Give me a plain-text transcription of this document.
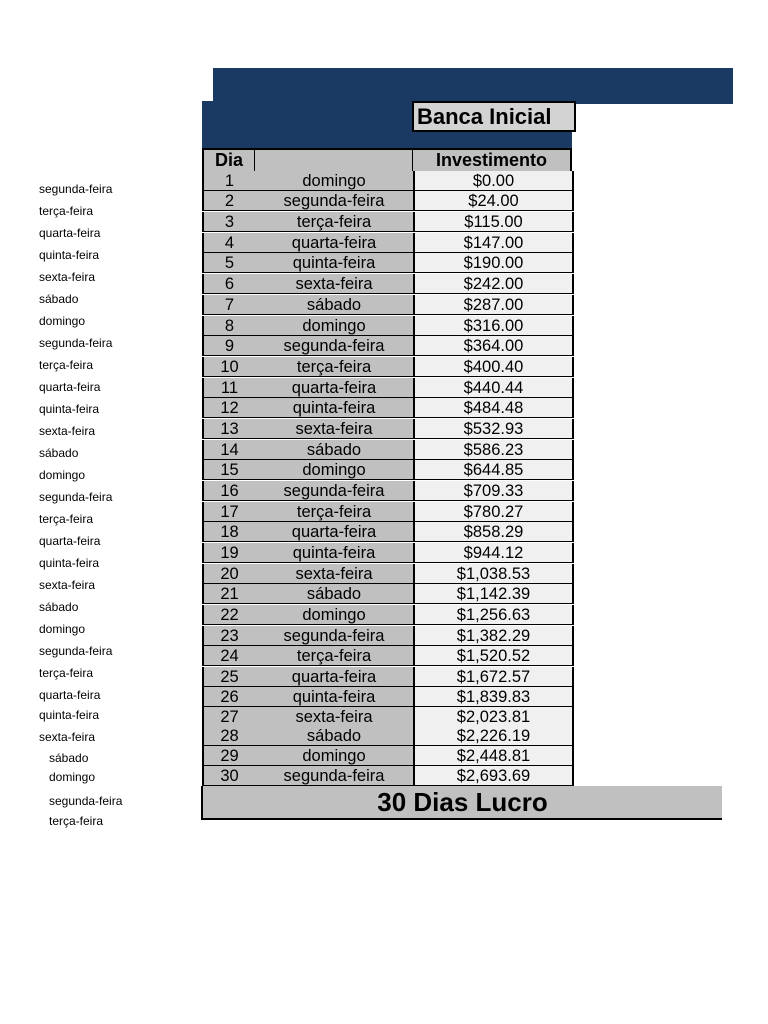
Banca Inicial
Dia	Investimento
1	domingo	$0.00
2	segunda-feira	$24.00
3	terça-feira	$115.00
4	quarta-feira	$147.00
5	quinta-feira	$190.00
6	sexta-feira	$242.00
7	sábado	$287.00
8	domingo	$316.00
9	segunda-feira	$364.00
10	terça-feira	$400.40
11	quarta-feira	$440.44
12	quinta-feira	$484.48
13	sexta-feira	$532.93
14	sábado	$586.23
15	domingo	$644.85
16	segunda-feira	$709.33
17	terça-feira	$780.27
18	quarta-feira	$858.29
19	quinta-feira	$944.12
20	sexta-feira	$1,038.53
21	sábado	$1,142.39
22	domingo	$1,256.63
23	segunda-feira	$1,382.29
24	terça-feira	$1,520.52
25	quarta-feira	$1,672.57
26	quinta-feira	$1,839.83
27	sexta-feira	$2,023.81
28	sábado	$2,226.19
29	domingo	$2,448.81
30	segunda-feira	$2,693.69
segunda-feira
terça-feira
quarta-feira
quinta-feira
sexta-feira
sábado
domingo
segunda-feira
terça-feira
quarta-feira
quinta-feira
sexta-feira
sábado
domingo
segunda-feira
terça-feira
quarta-feira
quinta-feira
sexta-feira
sábado
domingo
segunda-feira
terça-feira
quarta-feira
quinta-feira
sexta-feira
sábado
domingo
segunda-feira
terça-feira
30 Dias Lucro
